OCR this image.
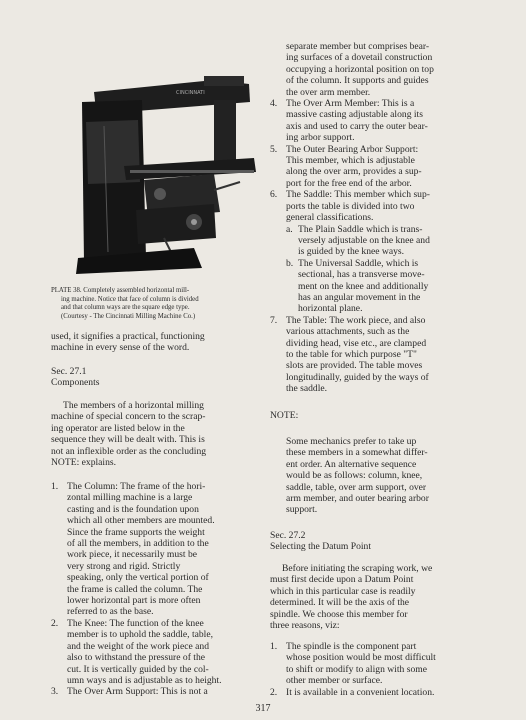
CINCINNATI
PLATE 38. Completely assembled horizontal mill-
ing machine. Notice that face of column is divided
and that column ways are the square edge type.
(Courtesy - The Cincinnati Milling Machine Co.)
used, it signifies a practical, functioning
machine in every sense of the word.
Sec. 27.1
Components
The members of a horizontal milling
machine of special concern to the scrap-
ing operator are listed below in the
sequence they will be dealt with. This is
not an inflexible order as the concluding
NOTE: explains.
1. The Column: The frame of the hori-
zontal milling machine is a large
casting and is the foundation upon
which all other members are mounted.
Since the frame supports the weight
of all the members, in addition to the
work piece, it necessarily must be
very strong and rigid. Strictly
speaking, only the vertical portion of
the frame is called the column. The
lower horizontal part is more often
referred to as the base.
2. The Knee: The function of the knee
member is to uphold the saddle, table,
and the weight of the work piece and
also to withstand the pressure of the
cut. It is vertically guided by the col-
umn ways and is adjustable as to height.
3. The Over Arm Support: This is not a
separate member but comprises bear-
ing surfaces of a dovetail construction
occupying a horizontal position on top
of the column. It supports and guides
the over arm member.
4. The Over Arm Member: This is a
massive casting adjustable along its
axis and used to carry the outer bear-
ing arbor support.
5. The Outer Bearing Arbor Support:
This member, which is adjustable
along the over arm, provides a sup-
port for the free end of the arbor.
6. The Saddle: This member which sup-
ports the table is divided into two
general classifications.
a. The Plain Saddle which is trans-
versely adjustable on the knee and
is guided by the knee ways.
b. The Universal Saddle, which is
sectional, has a transverse move-
ment on the knee and additionally
has an angular movement in the
horizontal plane.
7. The Table: The work piece, and also
various attachments, such as the
dividing head, vise etc., are clamped
to the table for which purpose "T"
slots are provided. The table moves
longitudinally, guided by the ways of
the saddle.
NOTE:
Some mechanics prefer to take up
these members in a somewhat differ-
ent order. An alternative sequence
would be as follows: column, knee,
saddle, table, over arm support, over
arm member, and outer bearing arbor
support.
Sec. 27.2
Selecting the Datum Point
Before initiating the scraping work, we
must first decide upon a Datum Point
which in this particular case is readily
determined. It will be the axis of the
spindle. We choose this member for
three reasons, viz:
1. The spindle is the component part
whose position would be most difficult
to shift or modify to align with some
other member or surface.
2. It is available in a convenient location.
317
